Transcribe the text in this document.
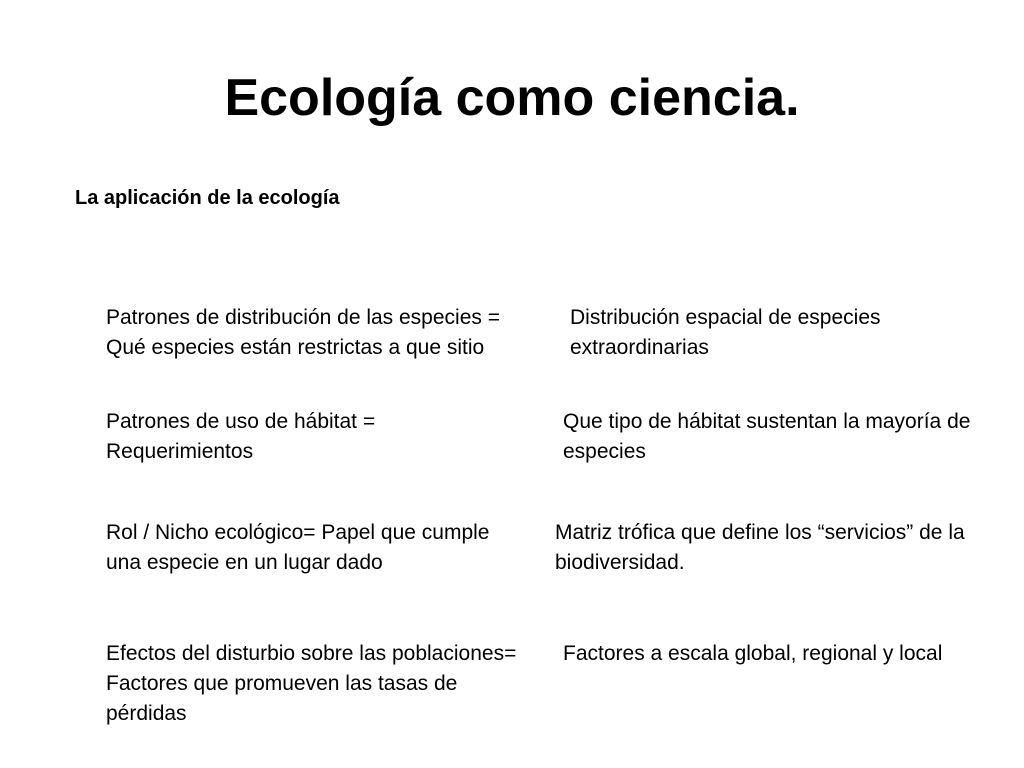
Ecología como ciencia.
La aplicación de la ecología
Patrones de distribución de las especies =
Qué especies están restrictas a que sitio
Distribución espacial de especies
extraordinarias
Patrones de uso de hábitat =
Requerimientos
Que tipo de hábitat sustentan la mayoría de
especies
Rol / Nicho ecológico= Papel que cumple
una especie en un lugar dado
Matriz trófica que define los “servicios” de la
biodiversidad.
Efectos del disturbio sobre las poblaciones=
Factores que promueven las tasas de
pérdidas
Factores a escala global, regional y local
